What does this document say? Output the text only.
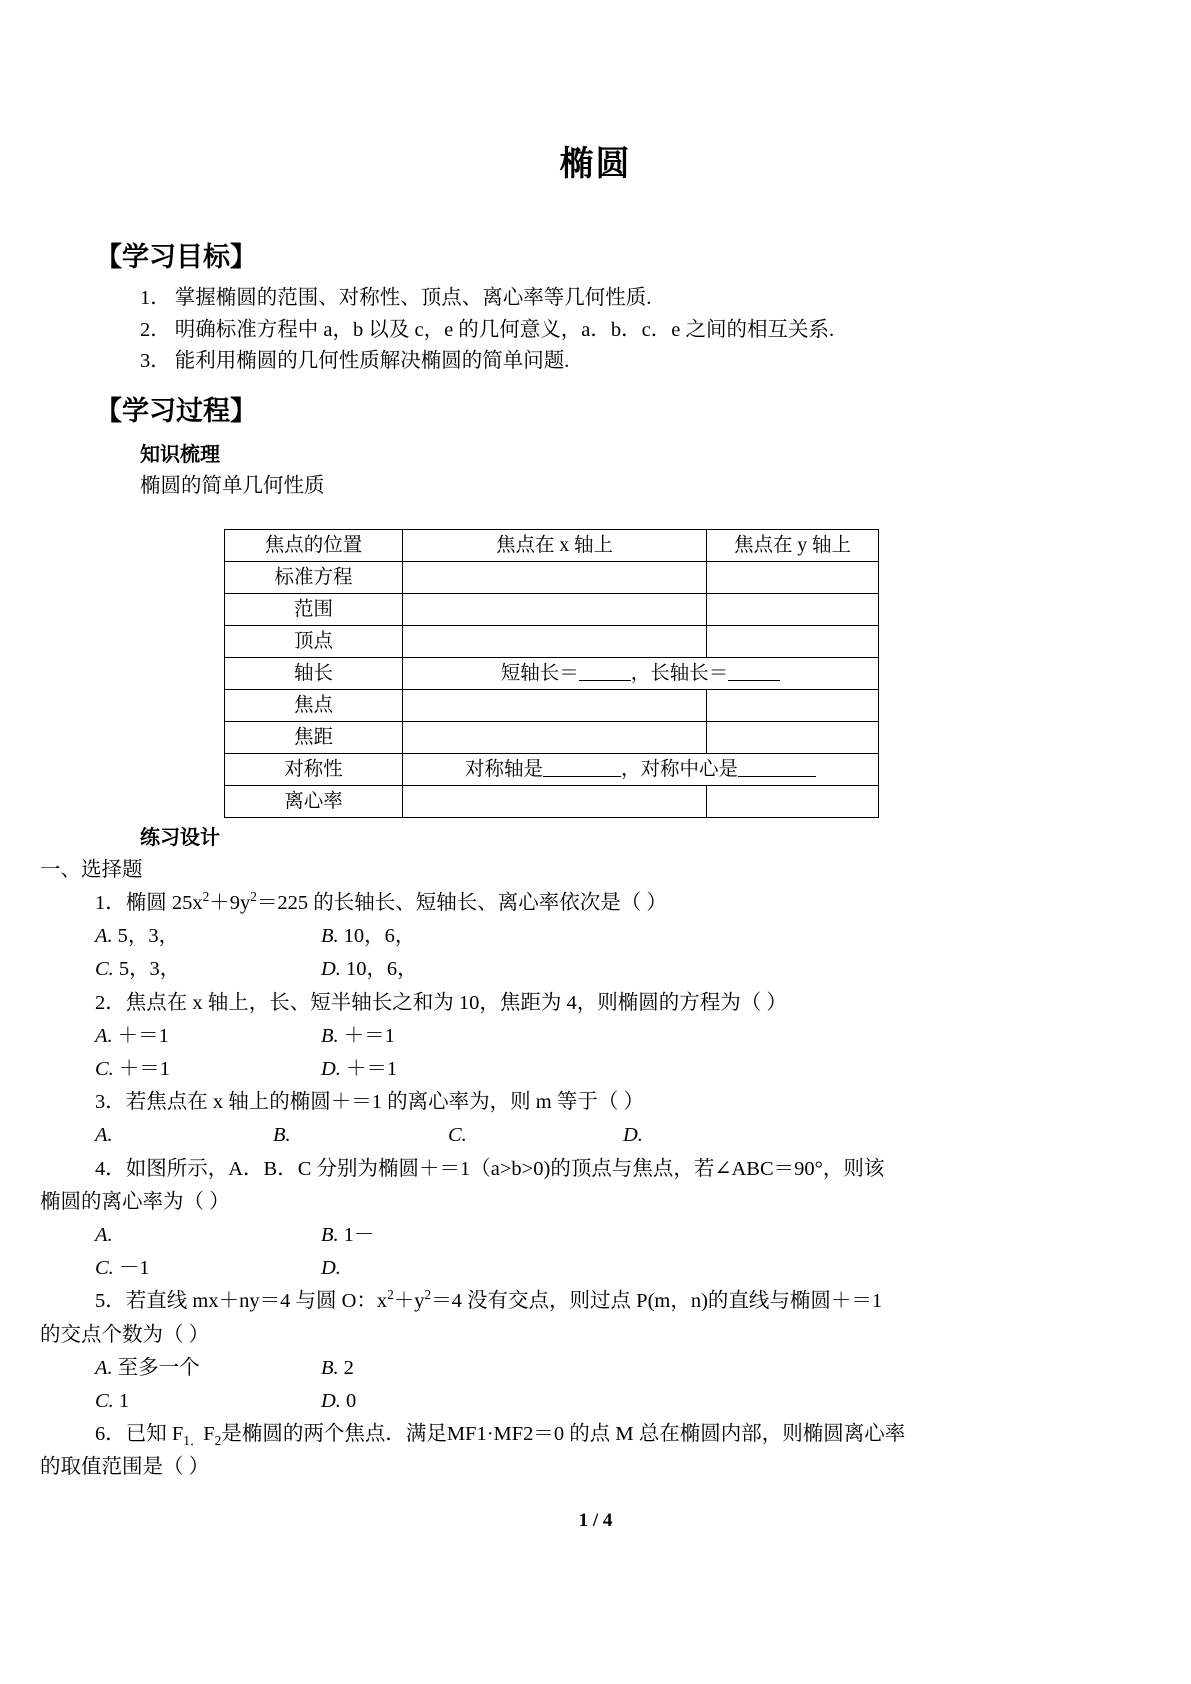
椭圆
【学习目标】
1． 掌握椭圆的范围、对称性、顶点、离心率等几何性质.
2． 明确标准方程中 a，b 以及 c，e 的几何意义，a．b．c．e 之间的相互关系.
3． 能利用椭圆的几何性质解决椭圆的简单问题.
【学习过程】
知识梳理
椭圆的简单几何性质
焦点的位置	焦点在 x 轴上	焦点在 y 轴上
标准方程		
范围		
顶点		
轴长	短轴长＝ ，长轴长＝	
焦点		
焦距		
对称性	对称轴是 ，对称中心是	
离心率		
练习设计
一、选择题
1．椭圆 $25x^2+9y^2=225$ 的长轴长、短轴长、离心率依次是（ ）
A. 5，3，	B. 10，6，
C. 5，3，	D. 10，6，
2．焦点在 x 轴上，长、短半轴长之和为 10，焦距为 4，则椭圆的方程为（ ）
A. ＋＝1	B. ＋＝1
C. ＋＝1	D. ＋＝1
3．若焦点在 x 轴上的椭圆＋＝1 的离心率为，则 m 等于（ ）
A.	B.	C.	D.
4．如图所示，A．B．C 分别为椭圆＋＝1（a>b>0)的顶点与焦点，若∠ABC＝90°，则该
椭圆的离心率为（ ）
A.	B. 1－
C. －1	D.
5．若直线 mx＋ny＝4 与圆 O：$x^2+y^2=4$ 没有交点，则过点 P(m，n)的直线与椭圆＋＝1
的交点个数为（ ）
A. 至多一个	B. 2
C. 1	D. 0
6．已知 $F_{1.}F_2$是椭圆的两个焦点．满足MF1·MF2＝0 的点 M 总在椭圆内部，则椭圆离心率
的取值范围是（ ）
1 / 4
